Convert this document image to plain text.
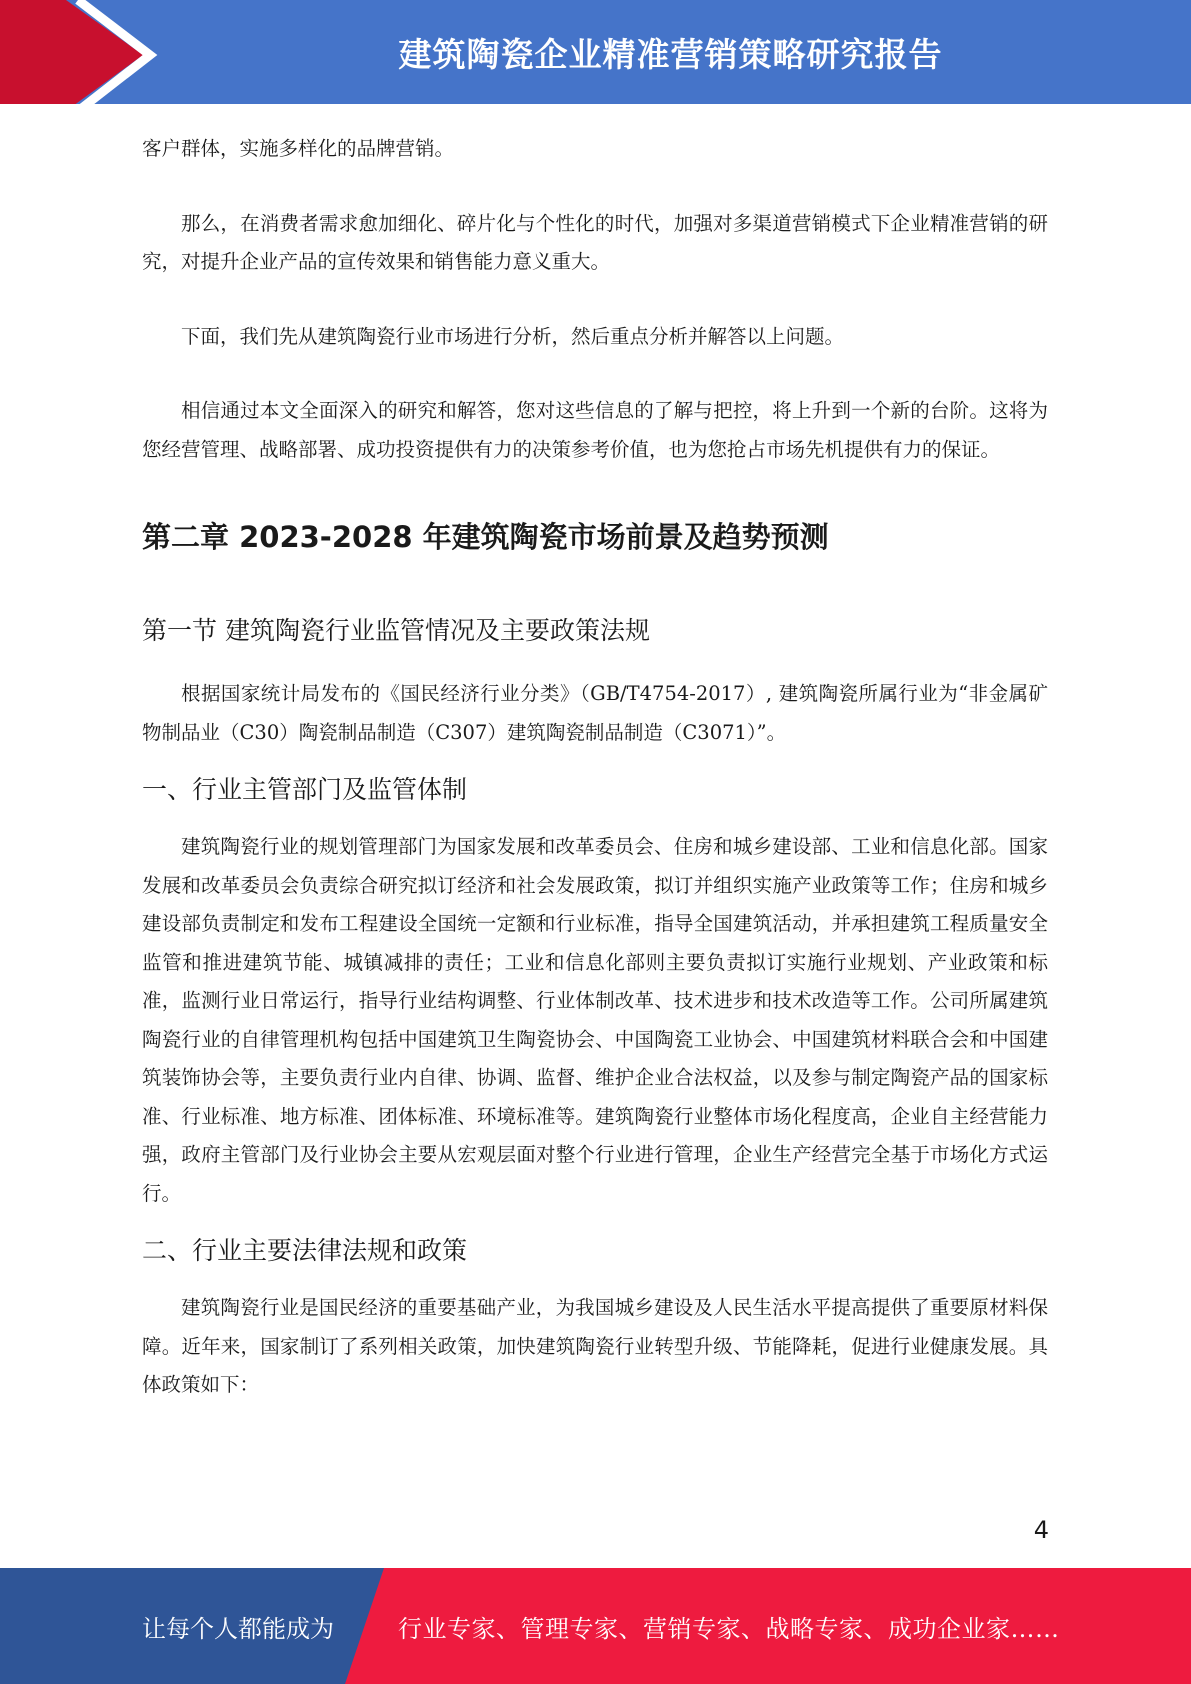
建筑陶瓷企业精准营销策略研究报告

客户群体，实施多样化的品牌营销。

那么，在消费者需求愈加细化、碎片化与个性化的时代，加强对多渠道营销模式下企业精准营销的研究，对提升企业产品的宣传效果和销售能力意义重大。

下面，我们先从建筑陶瓷行业市场进行分析，然后重点分析并解答以上问题。

相信通过本文全面深入的研究和解答，您对这些信息的了解与把控，将上升到一个新的台阶。这将为您经营管理、战略部署、成功投资提供有力的决策参考价值，也为您抢占市场先机提供有力的保证。

第二章 2023-2028 年建筑陶瓷市场前景及趋势预测
第一节 建筑陶瓷行业监管情况及主要政策法规

根据国家统计局发布的《国民经济行业分类》（GB/T4754-2017）, 建筑陶瓷所属行业为“非金属矿物制品业（C30）陶瓷制品制造（C307）建筑陶瓷制品制造（C3071）”。

一、行业主管部门及监管体制

建筑陶瓷行业的规划管理部门为国家发展和改革委员会、住房和城乡建设部、工业和信息化部。国家发展和改革委员会负责综合研究拟订经济和社会发展政策，拟订并组织实施产业政策等工作；住房和城乡建设部负责制定和发布工程建设全国统一定额和行业标准，指导全国建筑活动，并承担建筑工程质量安全监管和推进建筑节能、城镇减排的责任；工业和信息化部则主要负责拟订实施行业规划、产业政策和标准，监测行业日常运行，指导行业结构调整、行业体制改革、技术进步和技术改造等工作。公司所属建筑陶瓷行业的自律管理机构包括中国建筑卫生陶瓷协会、中国陶瓷工业协会、中国建筑材料联合会和中国建筑装饰协会等，主要负责行业内自律、协调、监督、维护企业合法权益，以及参与制定陶瓷产品的国家标准、行业标准、地方标准、团体标准、环境标准等。建筑陶瓷行业整体市场化程度高，企业自主经营能力强，政府主管部门及行业协会主要从宏观层面对整个行业进行管理，企业生产经营完全基于市场化方式运行。

二、行业主要法律法规和政策

建筑陶瓷行业是国民经济的重要基础产业，为我国城乡建设及人民生活水平提高提供了重要原材料保障。近年来，国家制订了系列相关政策，加快建筑陶瓷行业转型升级、节能降耗，促进行业健康发展。具体政策如下：

4
让每个人都能成为	行业专家、管理专家、营销专家、战略专家、成功企业家……
